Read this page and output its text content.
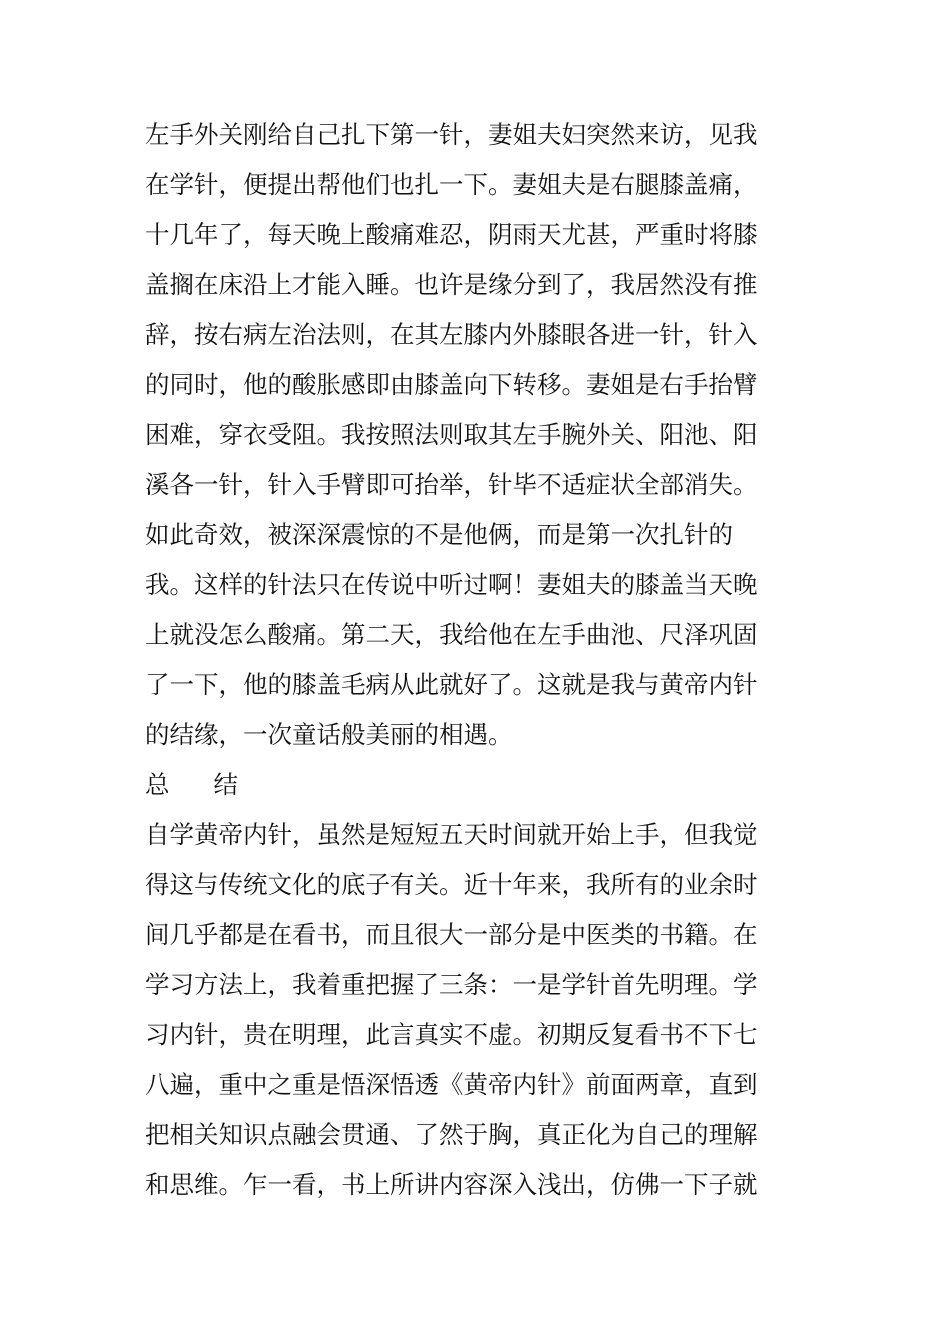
左手外关刚给自己扎下第一针，妻姐夫妇突然来访，见我
在学针，便提出帮他们也扎一下。妻姐夫是右腿膝盖痛，
十几年了，每天晚上酸痛难忍，阴雨天尤甚，严重时将膝
盖搁在床沿上才能入睡。也许是缘分到了，我居然没有推
辞，按右病左治法则，在其左膝内外膝眼各进一针，针入
的同时，他的酸胀感即由膝盖向下转移。妻姐是右手抬臂
困难，穿衣受阻。我按照法则取其左手腕外关、阳池、阳
溪各一针，针入手臂即可抬举，针毕不适症状全部消失。
如此奇效，被深深震惊的不是他俩，而是第一次扎针的
我。这样的针法只在传说中听过啊！妻姐夫的膝盖当天晚
上就没怎么酸痛。第二天，我给他在左手曲池、尺泽巩固
了一下，他的膝盖毛病从此就好了。这就是我与黄帝内针
的结缘，一次童话般美丽的相遇。
总 结
自学黄帝内针，虽然是短短五天时间就开始上手，但我觉
得这与传统文化的底子有关。近十年来，我所有的业余时
间几乎都是在看书，而且很大一部分是中医类的书籍。在
学习方法上，我着重把握了三条：一是学针首先明理。学
习内针，贵在明理，此言真实不虚。初期反复看书不下七
八遍，重中之重是悟深悟透《黄帝内针》前面两章，直到
把相关知识点融会贯通、了然于胸，真正化为自己的理解
和思维。乍一看，书上所讲内容深入浅出，仿佛一下子就
